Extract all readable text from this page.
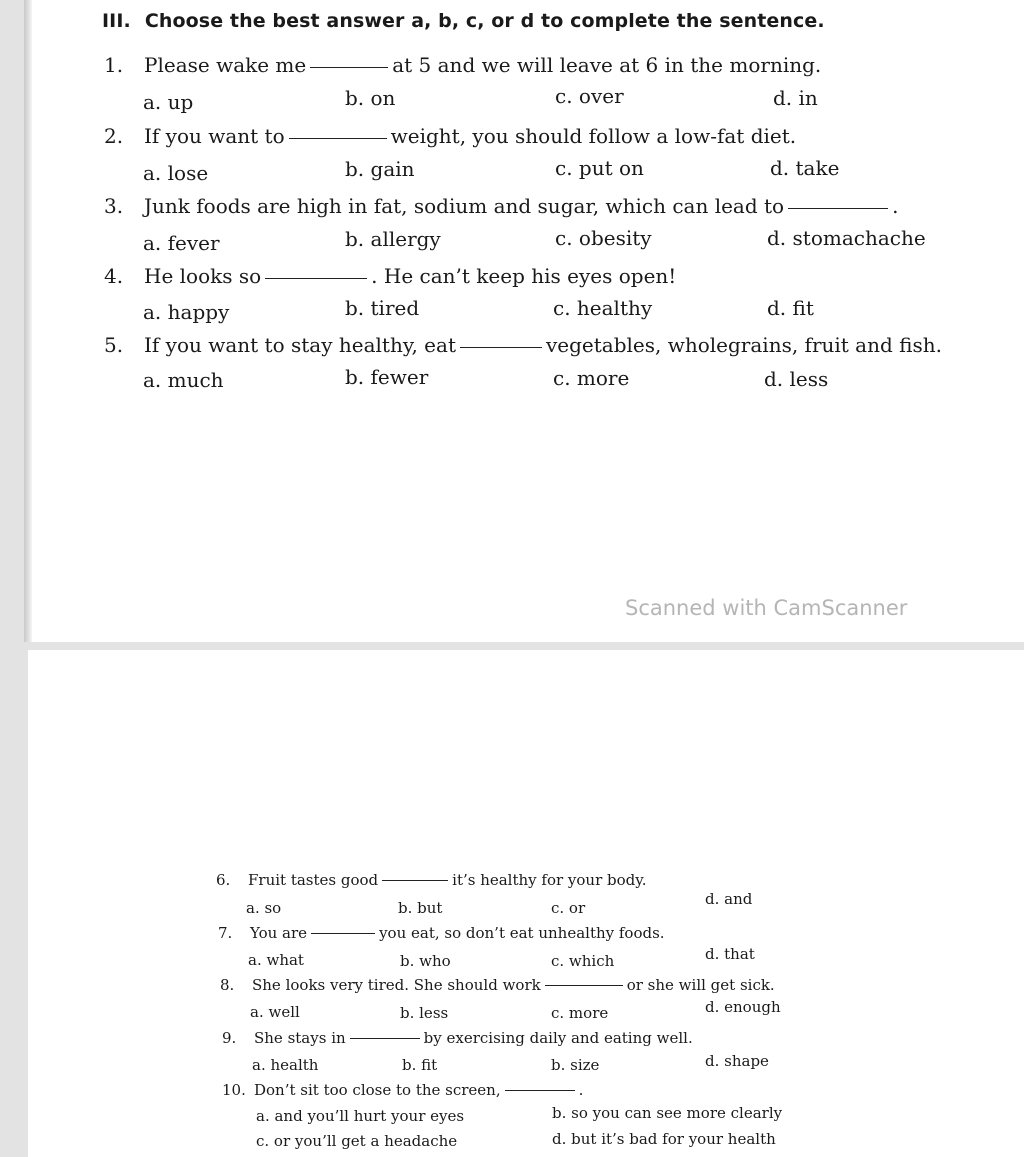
III. Choose the best answer a, b, c, or d to complete the sentence.
1. Please wake me	at 5 and we will leave at 6 in the morning.
a. up	b. on	c. over	d. in
2. If you want to	weight, you should follow a low-fat diet.
a. lose	b. gain	c. put on	d. take
3. Junk foods are high in fat, sodium and sugar, which can lead to	.
a. fever	b. allergy	c. obesity	d. stomachache
4. He looks so	. He can’t keep his eyes open!
a. happy	b. tired	c. healthy	d. fit
5. If you want to stay healthy, eat	vegetables, wholegrains, fruit and fish.
a. much	b. fewer	c. more	d. less
Scanned with CamScanner
6. Fruit tastes good	it’s healthy for your body.
a. so	b. but	c. or	d. and
7. You are	you eat, so don’t eat unhealthy foods.
a. what	b. who	c. which	d. that
8. She looks very tired. She should work	or she will get sick.
a. well	b. less	c. more	d. enough
9. She stays in	by exercising daily and eating well.
a. health	b. fit	b. size	d. shape
10. Don’t sit too close to the screen,	.
a. and you’ll hurt your eyes	b. so you can see more clearly
c. or you’ll get a headache	d. but it’s bad for your health
